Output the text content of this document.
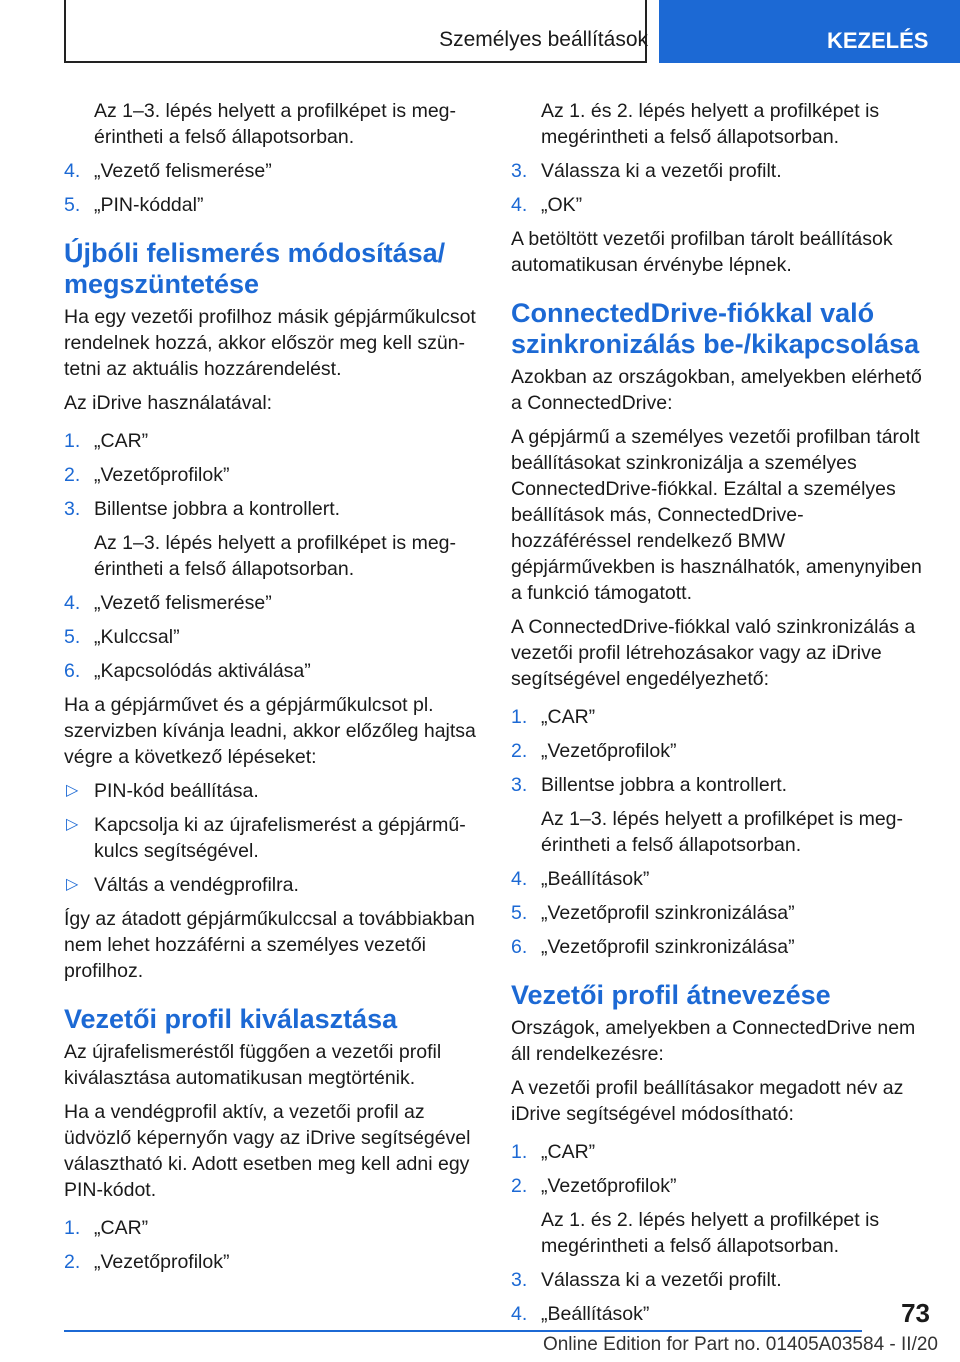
Személyes beállítások	KEZELÉS

Az 1–3. lépés helyett a profilképet is megérintheti a felső állapotsorban.

4. „Vezető felismerése”
5. „PIN-kóddal”
Újbóli felismerés módosítása/ megszüntetése

Ha egy vezetői profilhoz másik gépjárműkulcsot rendelnek hozzá, akkor először meg kell szüntetni az aktuális hozzárendelést.

Az iDrive használatával:

1. „CAR”
2. „Vezetőprofilok”
3. Billentse jobbra a kontrollert.

Az 1–3. lépés helyett a profilképet is megérintheti a felső állapotsorban.

4. „Vezető felismerése”
5. „Kulccsal”
6. „Kapcsolódás aktiválása”

Ha a gépjárművet és a gépjárműkulcsot pl. szervizben kívánja leadni, akkor előzőleg hajtsa végre a következő lépéseket:

▷ PIN-kód beállítása.
▷ Kapcsolja ki az újrafelismerést a gépjárműkulcs segítségével.
▷ Váltás a vendégprofilra.

Így az átadott gépjárműkulccsal a továbbiakban nem lehet hozzáférni a személyes vezetői profilhoz.

Vezetői profil kiválasztása

Az újrafelismeréstől függően a vezetői profil kiválasztása automatikusan megtörténik.

Ha a vendégprofil aktív, a vezetői profil az üdvözlő képernyőn vagy az iDrive segítségével választható ki. Adott esetben meg kell adni egy PIN-kódot.

1. „CAR”
2. „Vezetőprofilok”

Az 1. és 2. lépés helyett a profilképet is megérintheti a felső állapotsorban.

3. Válassza ki a vezetői profilt.
4. „OK”

A betöltött vezetői profilban tárolt beállítások automatikusan érvénybe lépnek.

ConnectedDrive-fiókkal való szinkronizálás be-/kikapcsolása

Azokban az országokban, amelyekben elérhető a ConnectedDrive:

A gépjármű a személyes vezetői profilban tárolt beállításokat szinkronizálja a személyes ConnectedDrive-fiókkal. Ezáltal a személyes beállítások más, ConnectedDrive-hozzáféréssel rendelkező BMW gépjárművekben is használhatók, amenynyiben a funkció támogatott.

A ConnectedDrive-fiókkal való szinkronizálás a vezetői profil létrehozásakor vagy az iDrive segítségével engedélyezhető:

1. „CAR”
2. „Vezetőprofilok”
3. Billentse jobbra a kontrollert.

Az 1–3. lépés helyett a profilképet is megérintheti a felső állapotsorban.

4. „Beállítások”
5. „Vezetőprofil szinkronizálása”
6. „Vezetőprofil szinkronizálása”
Vezetői profil átnevezése

Országok, amelyekben a ConnectedDrive nem áll rendelkezésre:

A vezetői profil beállításakor megadott név az iDrive segítségével módosítható:

1. „CAR”
2. „Vezetőprofilok”

Az 1. és 2. lépés helyett a profilképet is megérintheti a felső állapotsorban.

3. Válassza ki a vezetői profilt.
4. „Beállítások”	73
Online Edition for Part no. 01405A03584 - II/20
